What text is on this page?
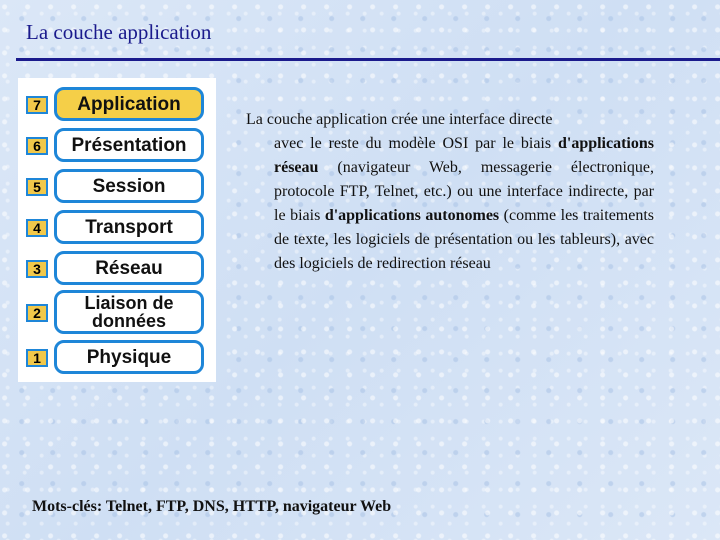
La couche application
7	Application
6	Présentation
5	Session
4	Transport
3	Réseau
2	Liaison de données
1	Physique
La couche application crée une interface directe
avec le reste du modèle OSI par le biais d'applications réseau (navigateur Web, messagerie électronique, protocole FTP, Telnet, etc.) ou une interface indirecte, par le biais d'applications autonomes (comme les traitements de texte, les logiciels de présentation ou les tableurs), avec des logiciels de redirection réseau
Mots-clés: Telnet, FTP, DNS, HTTP, navigateur Web
